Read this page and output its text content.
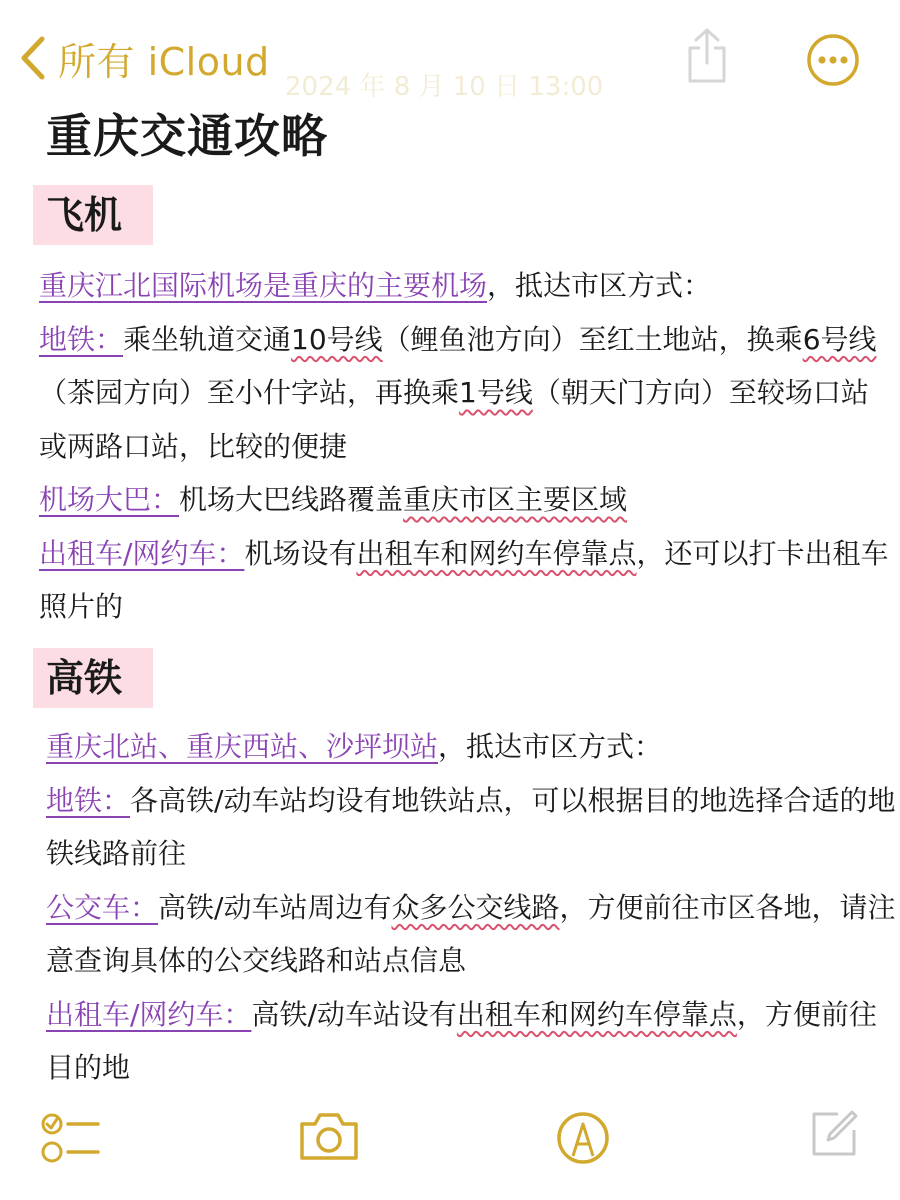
所有 iCloud
2024 年 8 月 10 日 13:00
重庆交通攻略
飞机

重庆江北国际机场是重庆的主要机场，抵达市区方式：

地铁：乘坐轨道交通10号线（鲤鱼池方向）至红土地站，换乘6号线（茶园方向）至小什字站，再换乘1号线（朝天门方向）至较场口站或两路口站，比较的便捷

机场大巴：机场大巴线路覆盖重庆市区主要区域

出租车/网约车：机场设有出租车和网约车停靠点，还可以打卡出租车照片的

高铁

重庆北站、重庆西站、沙坪坝站，抵达市区方式：

地铁：各高铁/动车站均设有地铁站点，可以根据目的地选择合适的地铁线路前往

公交车：高铁/动车站周边有众多公交线路，方便前往市区各地，请注意查询具体的公交线路和站点信息

出租车/网约车：高铁/动车站设有出租车和网约车停靠点，方便前往目的地
